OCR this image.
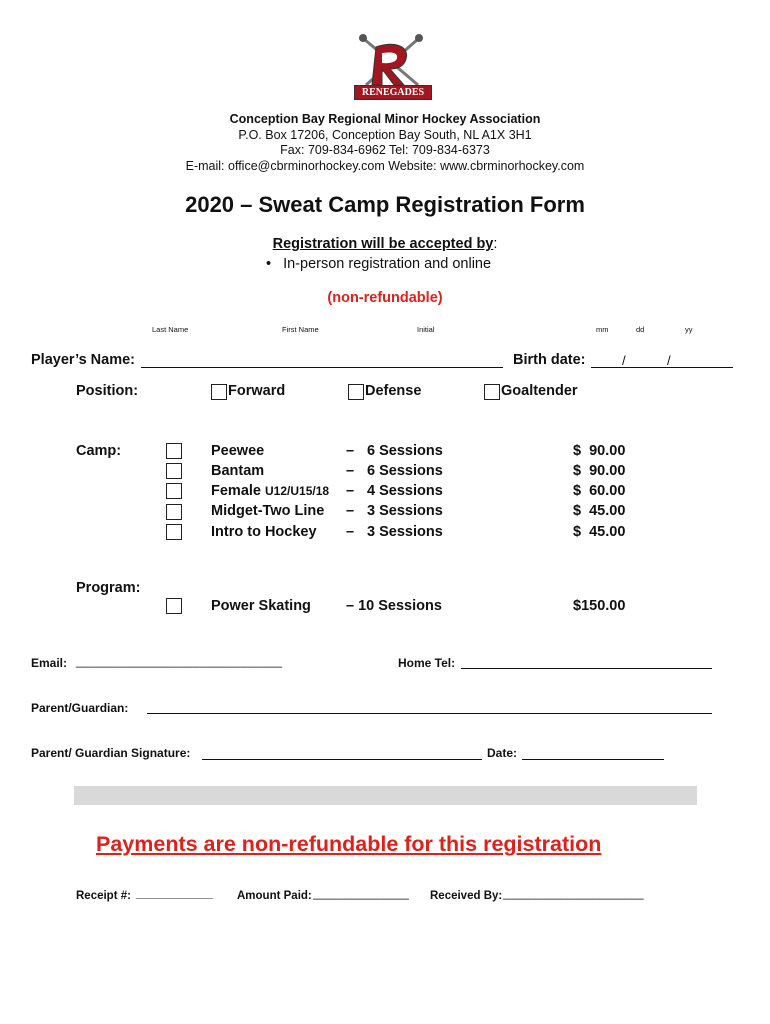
RENEGADES
Conception Bay Regional Minor Hockey Association
P.O. Box 17206, Conception Bay South, NL A1X 3H1
Fax: 709-834-6962 Tel: 709-834-6373
E-mail: office@cbrminorhockey.com Website: www.cbrminorhockey.com
2020 – Sweat Camp Registration Form
Registration will be accepted by:
• In-person registration and online
(non-refundable)
Last Name	First Name	Initial	mm	dd	yy
Player’s Name:	Birth date:	/	/
Position:	Forward	Defense	Goaltender
Camp:	Peewee	– 6 Sessions	$  90.00
Bantam	– 6 Sessions	$  90.00
Female U12/U15/18 – 4 Sessions	$  60.00
Midget-Two Line – 3 Sessions	$  45.00
Intro to Hockey – 3 Sessions	$  45.00
Program:
Power Skating – 10 Sessions	$150.00
Email: ______________________________	Home Tel:
Parent/Guardian:
Parent/ Guardian Signature:	Date:
Payments are non-refundable for this registration
Receipt #: ____________ Amount Paid: _______________ Received By: ______________________
